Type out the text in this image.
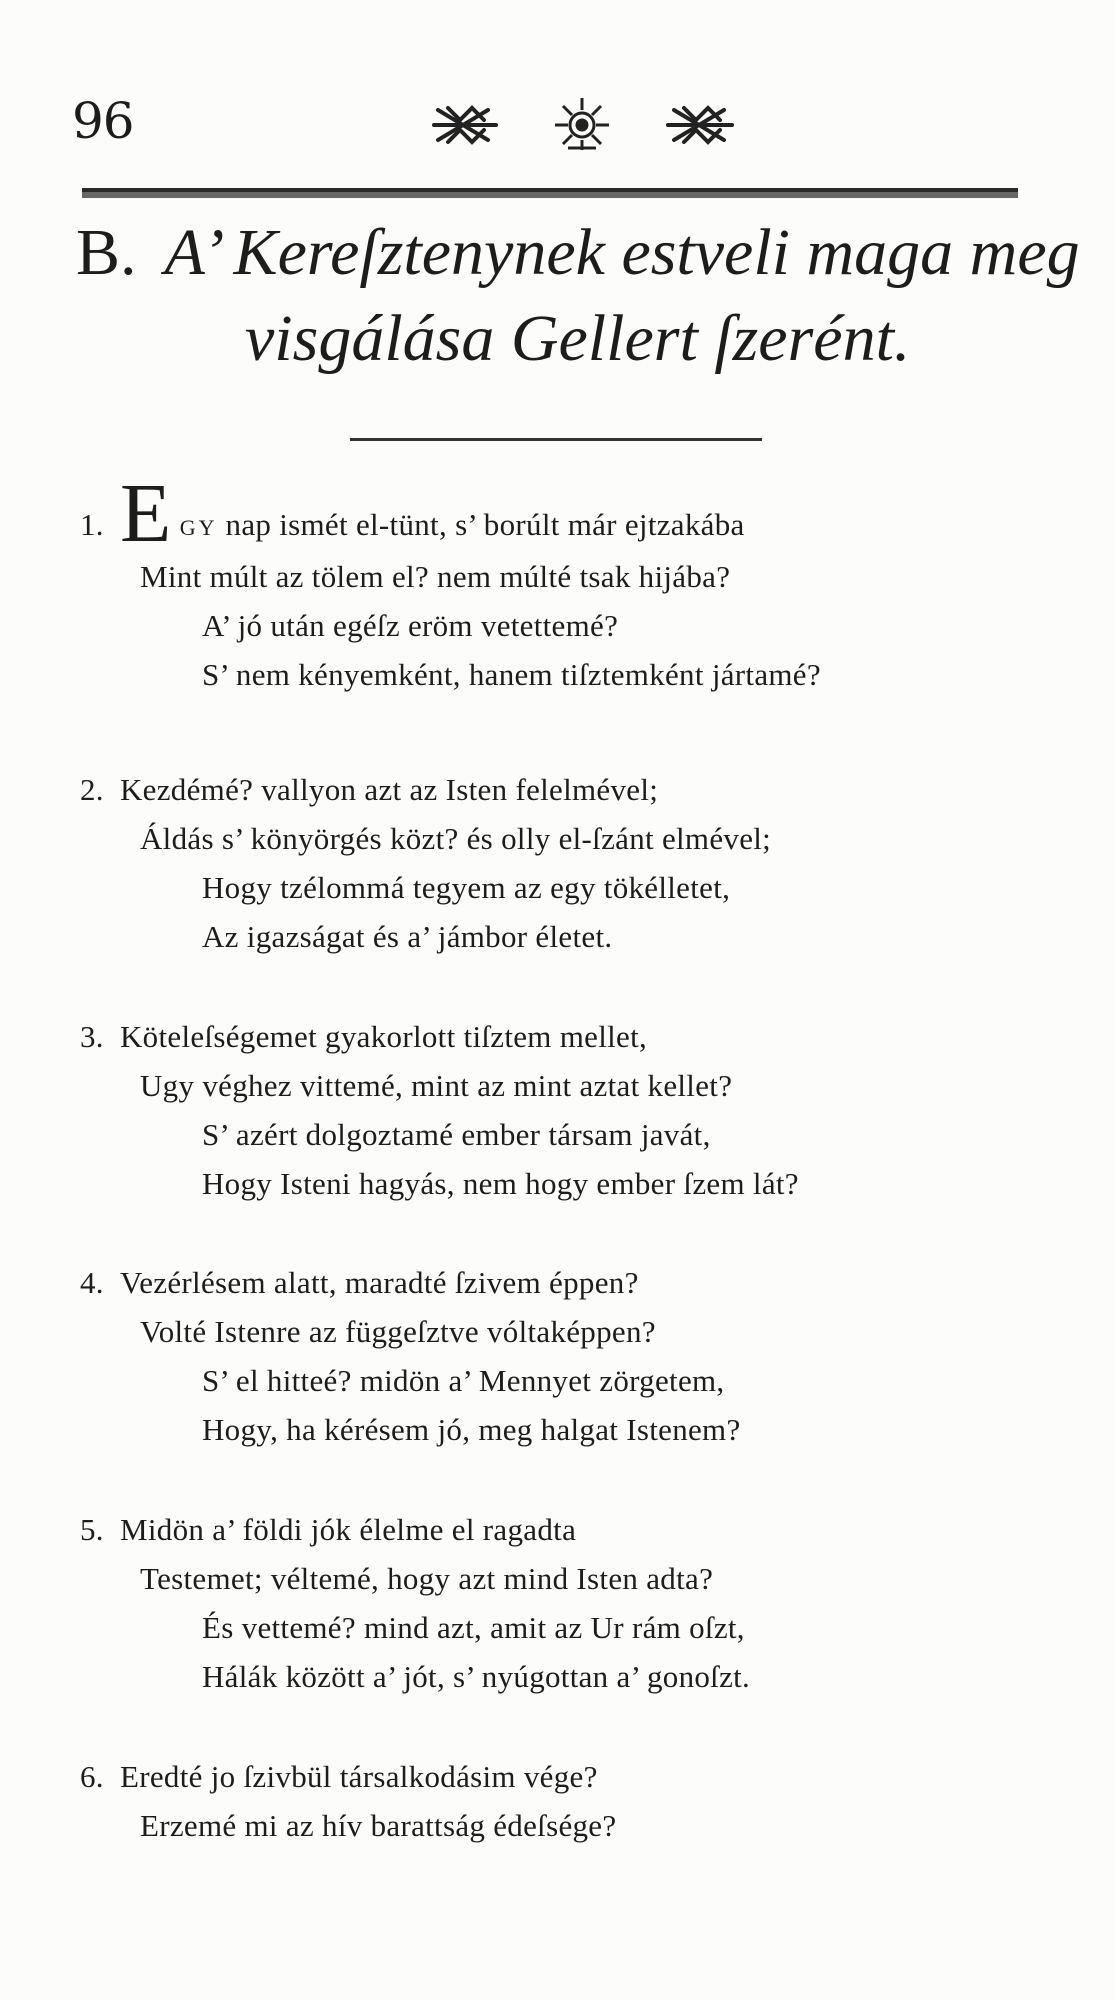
96
B. A’ Kereſztenynek estveli maga meg
visgálása Gellert ſzerént.
1. E GY nap ismét el-tünt, s’ borúlt már ejtzakába
Mint múlt az tölem el? nem múlté tsak hijába?
A’ jó után egéſz eröm vetettemé?
S’ nem kényemként, hanem tiſztemként jártamé?
2. Kezdémé? vallyon azt az Isten felelmével;
Áldás s’ könyörgés közt? és olly el-ſzánt elmével;
Hogy tzélommá tegyem az egy tökélletet,
Az igazságat és a’ jámbor életet.
3. Köteleſségemet gyakorlott tiſztem mellet,
Ugy véghez vittemé, mint az mint aztat kellet?
S’ azért dolgoztamé ember társam javát,
Hogy Isteni hagyás, nem hogy ember ſzem lát?
4. Vezérlésem alatt, maradté ſzivem éppen?
Volté Istenre az függeſztve vóltaképpen?
S’ el hitteé? midön a’ Mennyet zörgetem,
Hogy, ha kérésem jó, meg halgat Istenem?
5. Midön a’ földi jók élelme el ragadta
Testemet; véltemé, hogy azt mind Isten adta?
És vettemé? mind azt, amit az Ur rám oſzt,
Hálák között a’ jót, s’ nyúgottan a’ gonoſzt.
6. Eredté jo ſzivbül társalkodásim vége?
Erzemé mi az hív barattság édeſsége?
